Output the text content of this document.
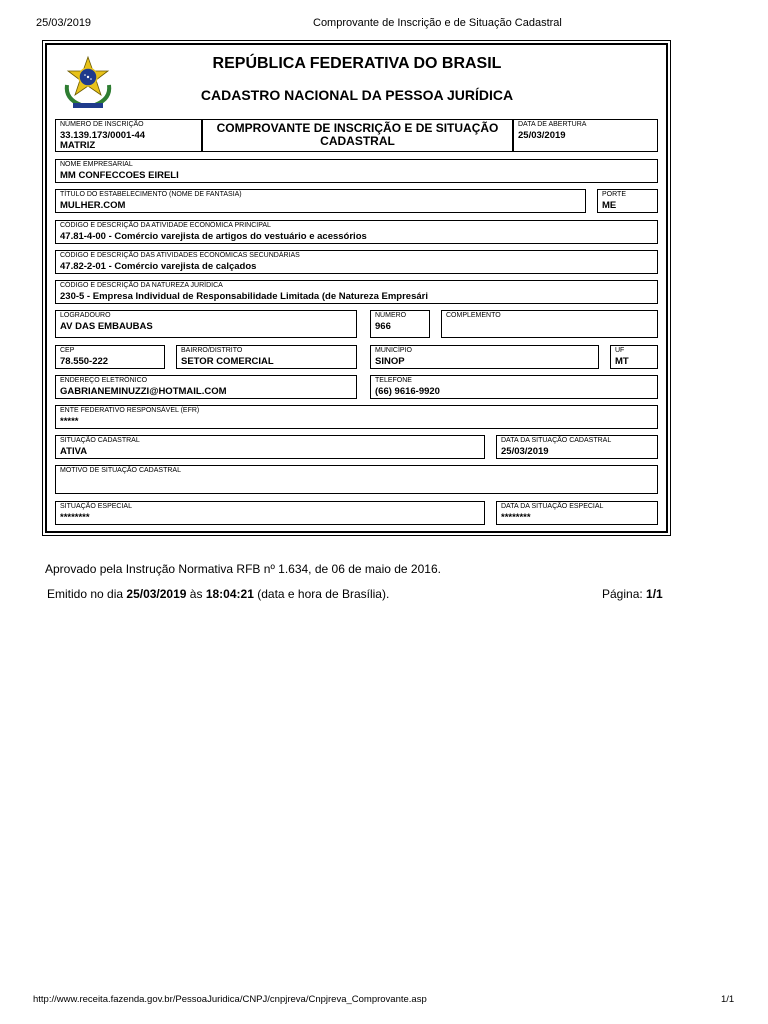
25/03/2019	Comprovante de Inscrição e de Situação Cadastral
REPÚBLICA FEDERATIVA DO BRASIL
CADASTRO NACIONAL DA PESSOA JURÍDICA
NÚMERO DE INSCRIÇÃO
33.139.173/0001-44
MATRIZ
COMPROVANTE DE INSCRIÇÃO E DE SITUAÇÃO CADASTRAL
DATA DE ABERTURA
25/03/2019
NOME EMPRESARIAL
MM CONFECCOES EIRELI
TÍTULO DO ESTABELECIMENTO (NOME DE FANTASIA)
MULHER.COM
PORTE
ME
CÓDIGO E DESCRIÇÃO DA ATIVIDADE ECONÔMICA PRINCIPAL
47.81-4-00 - Comércio varejista de artigos do vestuário e acessórios
CÓDIGO E DESCRIÇÃO DAS ATIVIDADES ECONÔMICAS SECUNDÁRIAS
47.82-2-01 - Comércio varejista de calçados
CÓDIGO E DESCRIÇÃO DA NATUREZA JURÍDICA
230-5 - Empresa Individual de Responsabilidade Limitada (de Natureza Empresári
LOGRADOURO
AV DAS EMBAUBAS
NÚMERO
966
COMPLEMENTO
CEP
78.550-222
BAIRRO/DISTRITO
SETOR COMERCIAL
MUNICÍPIO
SINOP
UF
MT
ENDEREÇO ELETRÔNICO
GABRIANEMINUZZI@HOTMAIL.COM
TELEFONE
(66) 9616-9920
ENTE FEDERATIVO RESPONSÁVEL (EFR)
*****
SITUAÇÃO CADASTRAL
ATIVA
DATA DA SITUAÇÃO CADASTRAL
25/03/2019
MOTIVO DE SITUAÇÃO CADASTRAL
SITUAÇÃO ESPECIAL
********
DATA DA SITUAÇÃO ESPECIAL
********
Aprovado pela Instrução Normativa RFB nº 1.634, de 06 de maio de 2016.
Emitido no dia 25/03/2019 às 18:04:21 (data e hora de Brasília).	Página: 1/1
http://www.receita.fazenda.gov.br/PessoaJuridica/CNPJ/cnpjreva/Cnpjreva_Comprovante.asp	1/1
